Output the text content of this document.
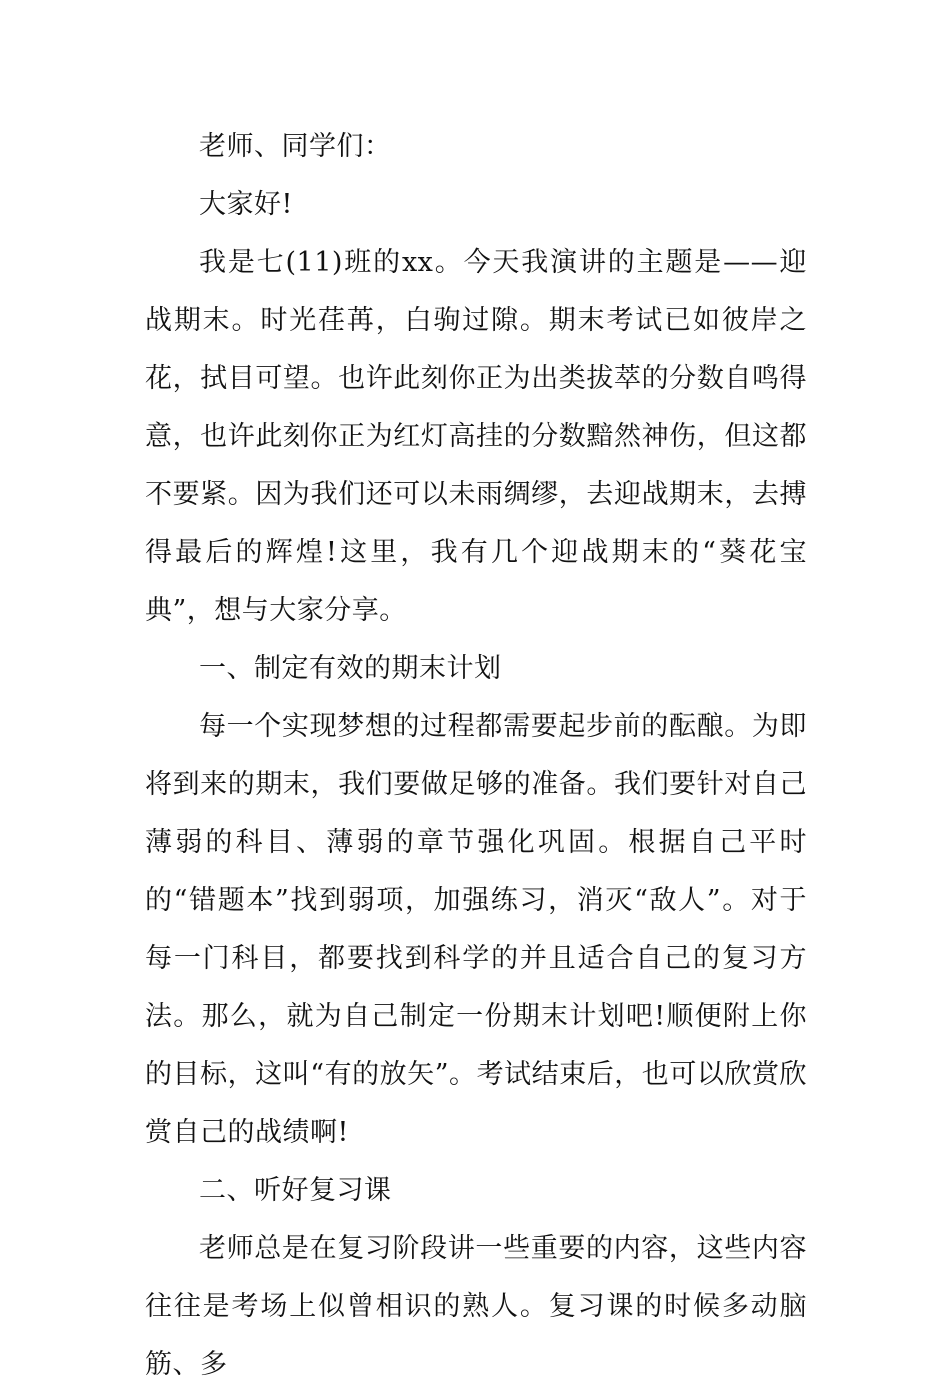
老师、同学们：

大家好!

我是七(11)班的xx。今天我演讲的主题是——迎战期末。时光荏苒，白驹过隙。期末考试已如彼岸之花，拭目可望。也许此刻你正为出类拔萃的分数自鸣得意，也许此刻你正为红灯高挂的分数黯然神伤，但这都不要紧。因为我们还可以未雨绸缪，去迎战期末，去搏得最后的辉煌!这里，我有几个迎战期末的“葵花宝典”，想与大家分享。

一、制定有效的期末计划

每一个实现梦想的过程都需要起步前的酝酿。为即将到来的期末，我们要做足够的准备。我们要针对自己薄弱的科目、薄弱的章节强化巩固。根据自己平时的“错题本”找到弱项，加强练习，消灭“敌人”。对于每一门科目，都要找到科学的并且适合自己的复习方法。那么，就为自己制定一份期末计划吧!顺便附上你的目标，这叫“有的放矢”。考试结束后，也可以欣赏欣赏自己的战绩啊!

二、听好复习课

老师总是在复习阶段讲一些重要的内容，这些内容往往是考场上似曾相识的熟人。复习课的时候多动脑筋、多
